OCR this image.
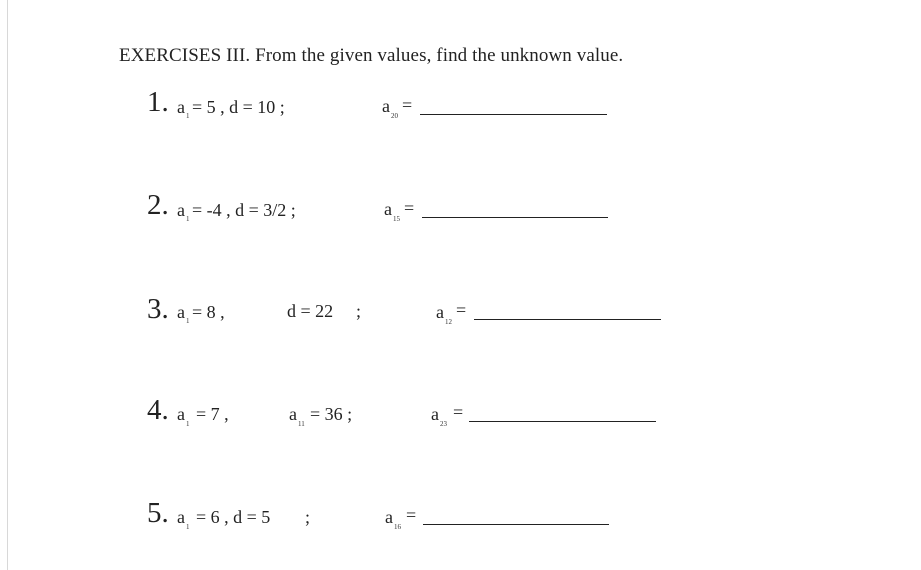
EXERCISES III. From the given values, find the unknown value.
1. a 1 = 5 , d = 10 ;	a 20
=
2. a 1 = -4 , d = 3/2 ;	a 15
=
3. a 1 = 8 ,	d = 22 ;	a 12
=
4. a 1 = 7 ,	a 11 = 36 ;	a 23
=
5. a 1 = 6 , d = 5 ;	a 16
=
